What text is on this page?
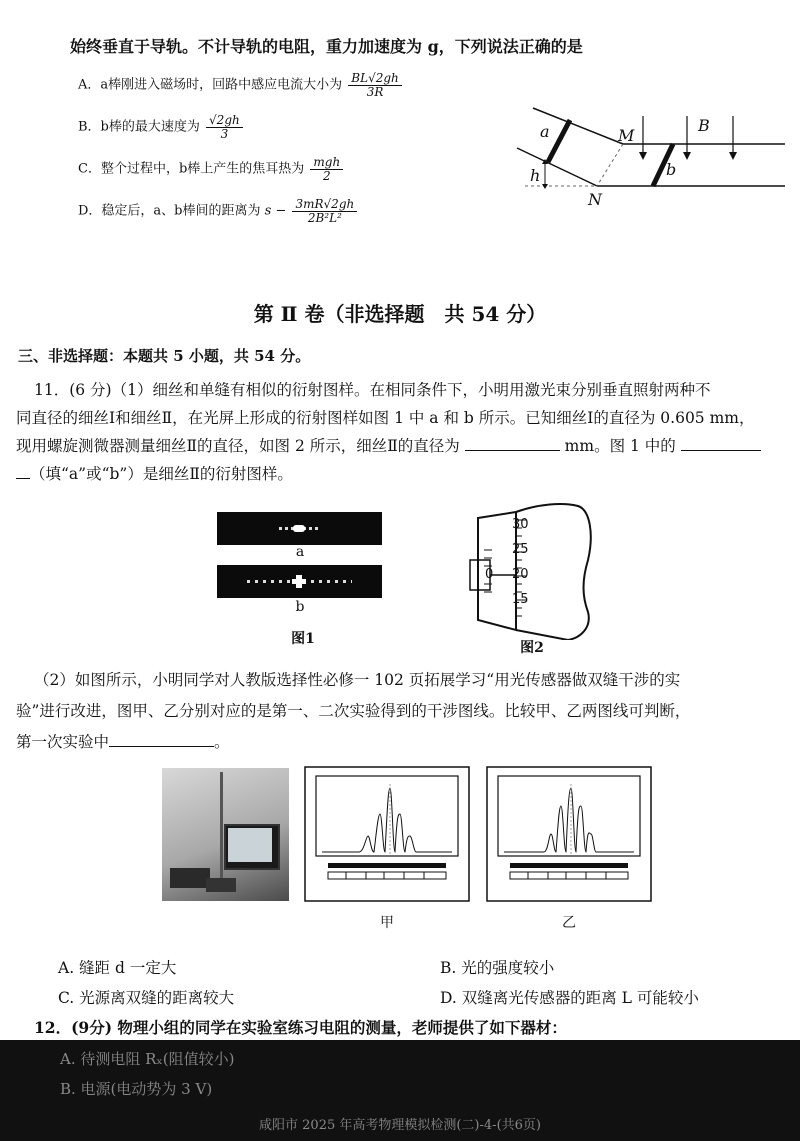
始终垂直于导轨。不计导轨的电阻，重力加速度为 g，下列说法正确的是
A．a棒刚进入磁场时，回路中感应电流大小为 $\frac{BL√2gh}{3R}$
B．b棒的最大速度为 $\frac{√2gh}{3}$
C．整个过程中，b棒上产生的焦耳热为 $\frac{\text{mgh}}{2}$
D．稳定后，a、b棒间的距离为 $s - \frac{3mR√2gh}{\text{2B²L²}}$
a	M
B
h	b
N
第 Ⅱ 卷（非选择题　共 54 分）
三、非选择题：本题共 5 小题，共 54 分。
11．(6 分)（1）细丝和单缝有相似的衍射图样。在相同条件下，小明用激光束分别垂直照射两种不
同直径的细丝Ⅰ和细丝Ⅱ，在光屏上形成的衍射图样如图 1 中 a 和 b 所示。已知细丝Ⅰ的直径为 0.605 mm，
现用螺旋测微器测量细丝Ⅱ的直径，如图 2 所示，细丝Ⅱ的直径为	mm。图 1 中的
（填“a”或“b”）是细丝Ⅱ的衍射图样。
a
b
图1
30
25
20
15
0
图2
（2）如图所示，小明同学对人教版选择性必修一 102 页拓展学习“用光传感器做双缝干涉的实
验”进行改进，图甲、乙分别对应的是第一、二次实验得到的干涉图线。比较甲、乙两图线可判断，
第一次实验中	。
甲	乙
A. 缝距 d 一定大	B. 光的强度较小
C. 光源离双缝的距离较大	D. 双缝离光传感器的距离 L 可能较小
12．(9分) 物理小组的同学在实验室练习电阻的测量，老师提供了如下器材：
A. 待测电阻 Rₓ(阻值较小)
B. 电源(电动势为 3 V)
咸阳市 2025 年高考物理模拟检测(二)-4-(共6页)
